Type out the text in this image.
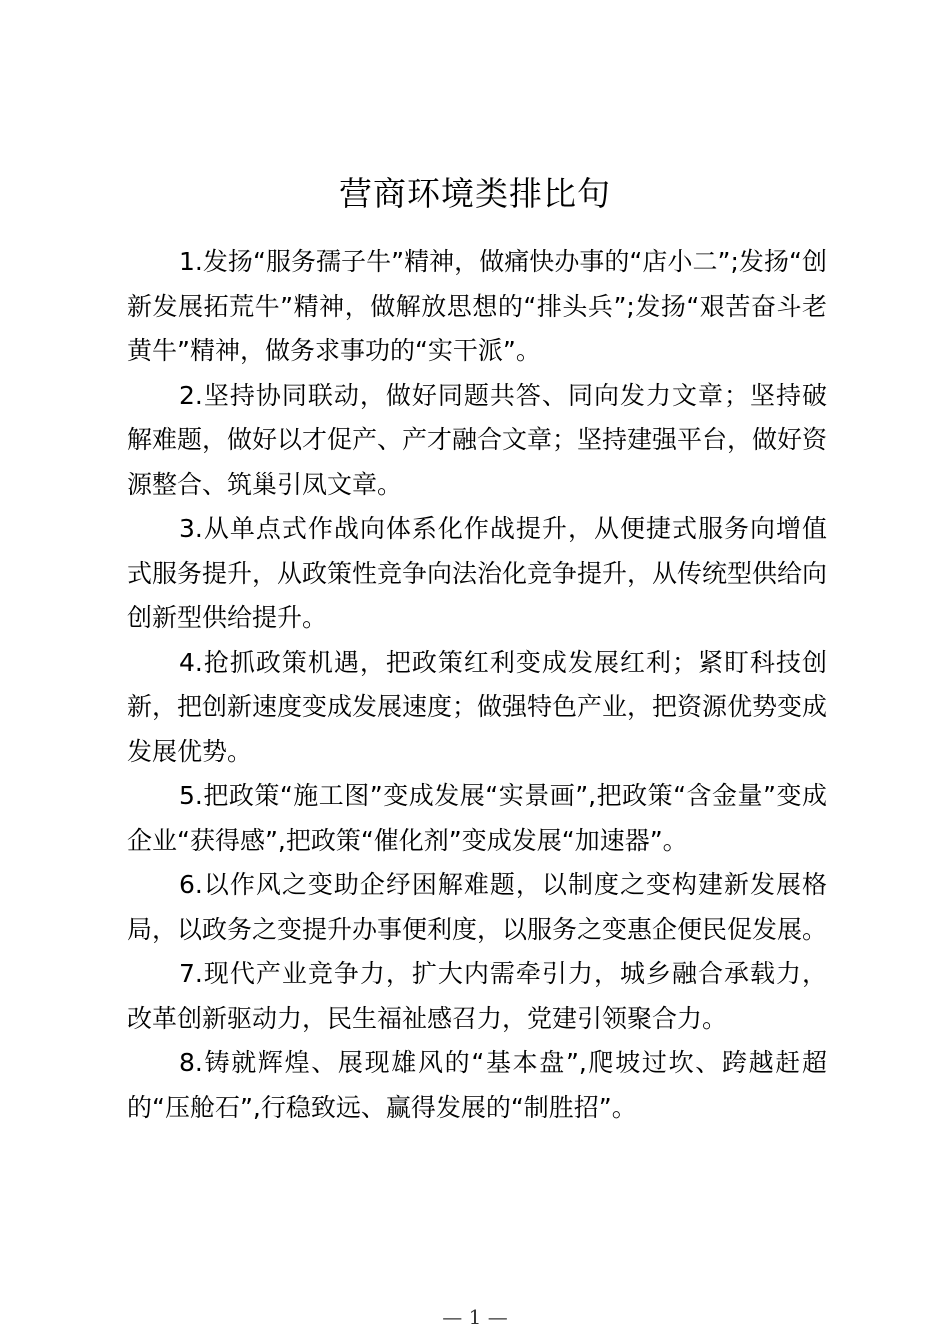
营商环境类排比句

1.发扬“服务孺子牛”精神，做痛快办事的“店小二”;发扬“创新发展拓荒牛”精神，做解放思想的“排头兵”;发扬“艰苦奋斗老黄牛”精神，做务求事功的“实干派”。

2.坚持协同联动，做好同题共答、同向发力文章；坚持破解难题，做好以才促产、产才融合文章；坚持建强平台，做好资源整合、筑巢引凤文章。

3.从单点式作战向体系化作战提升，从便捷式服务向增值式服务提升，从政策性竞争向法治化竞争提升，从传统型供给向创新型供给提升。

4.抢抓政策机遇，把政策红利变成发展红利；紧盯科技创新，把创新速度变成发展速度；做强特色产业，把资源优势变成发展优势。

5.把政策“施工图”变成发展“实景画”,把政策“含金量”变成企业“获得感”,把政策“催化剂”变成发展“加速器”。

6.以作风之变助企纾困解难题，以制度之变构建新发展格局，以政务之变提升办事便利度，以服务之变惠企便民促发展。

7.现代产业竞争力，扩大内需牵引力，城乡融合承载力，改革创新驱动力，民生福祉感召力，党建引领聚合力。

8.铸就辉煌、展现雄风的“基本盘”,爬坡过坎、跨越赶超的“压舱石”,行稳致远、赢得发展的“制胜招”。

— 1 —
